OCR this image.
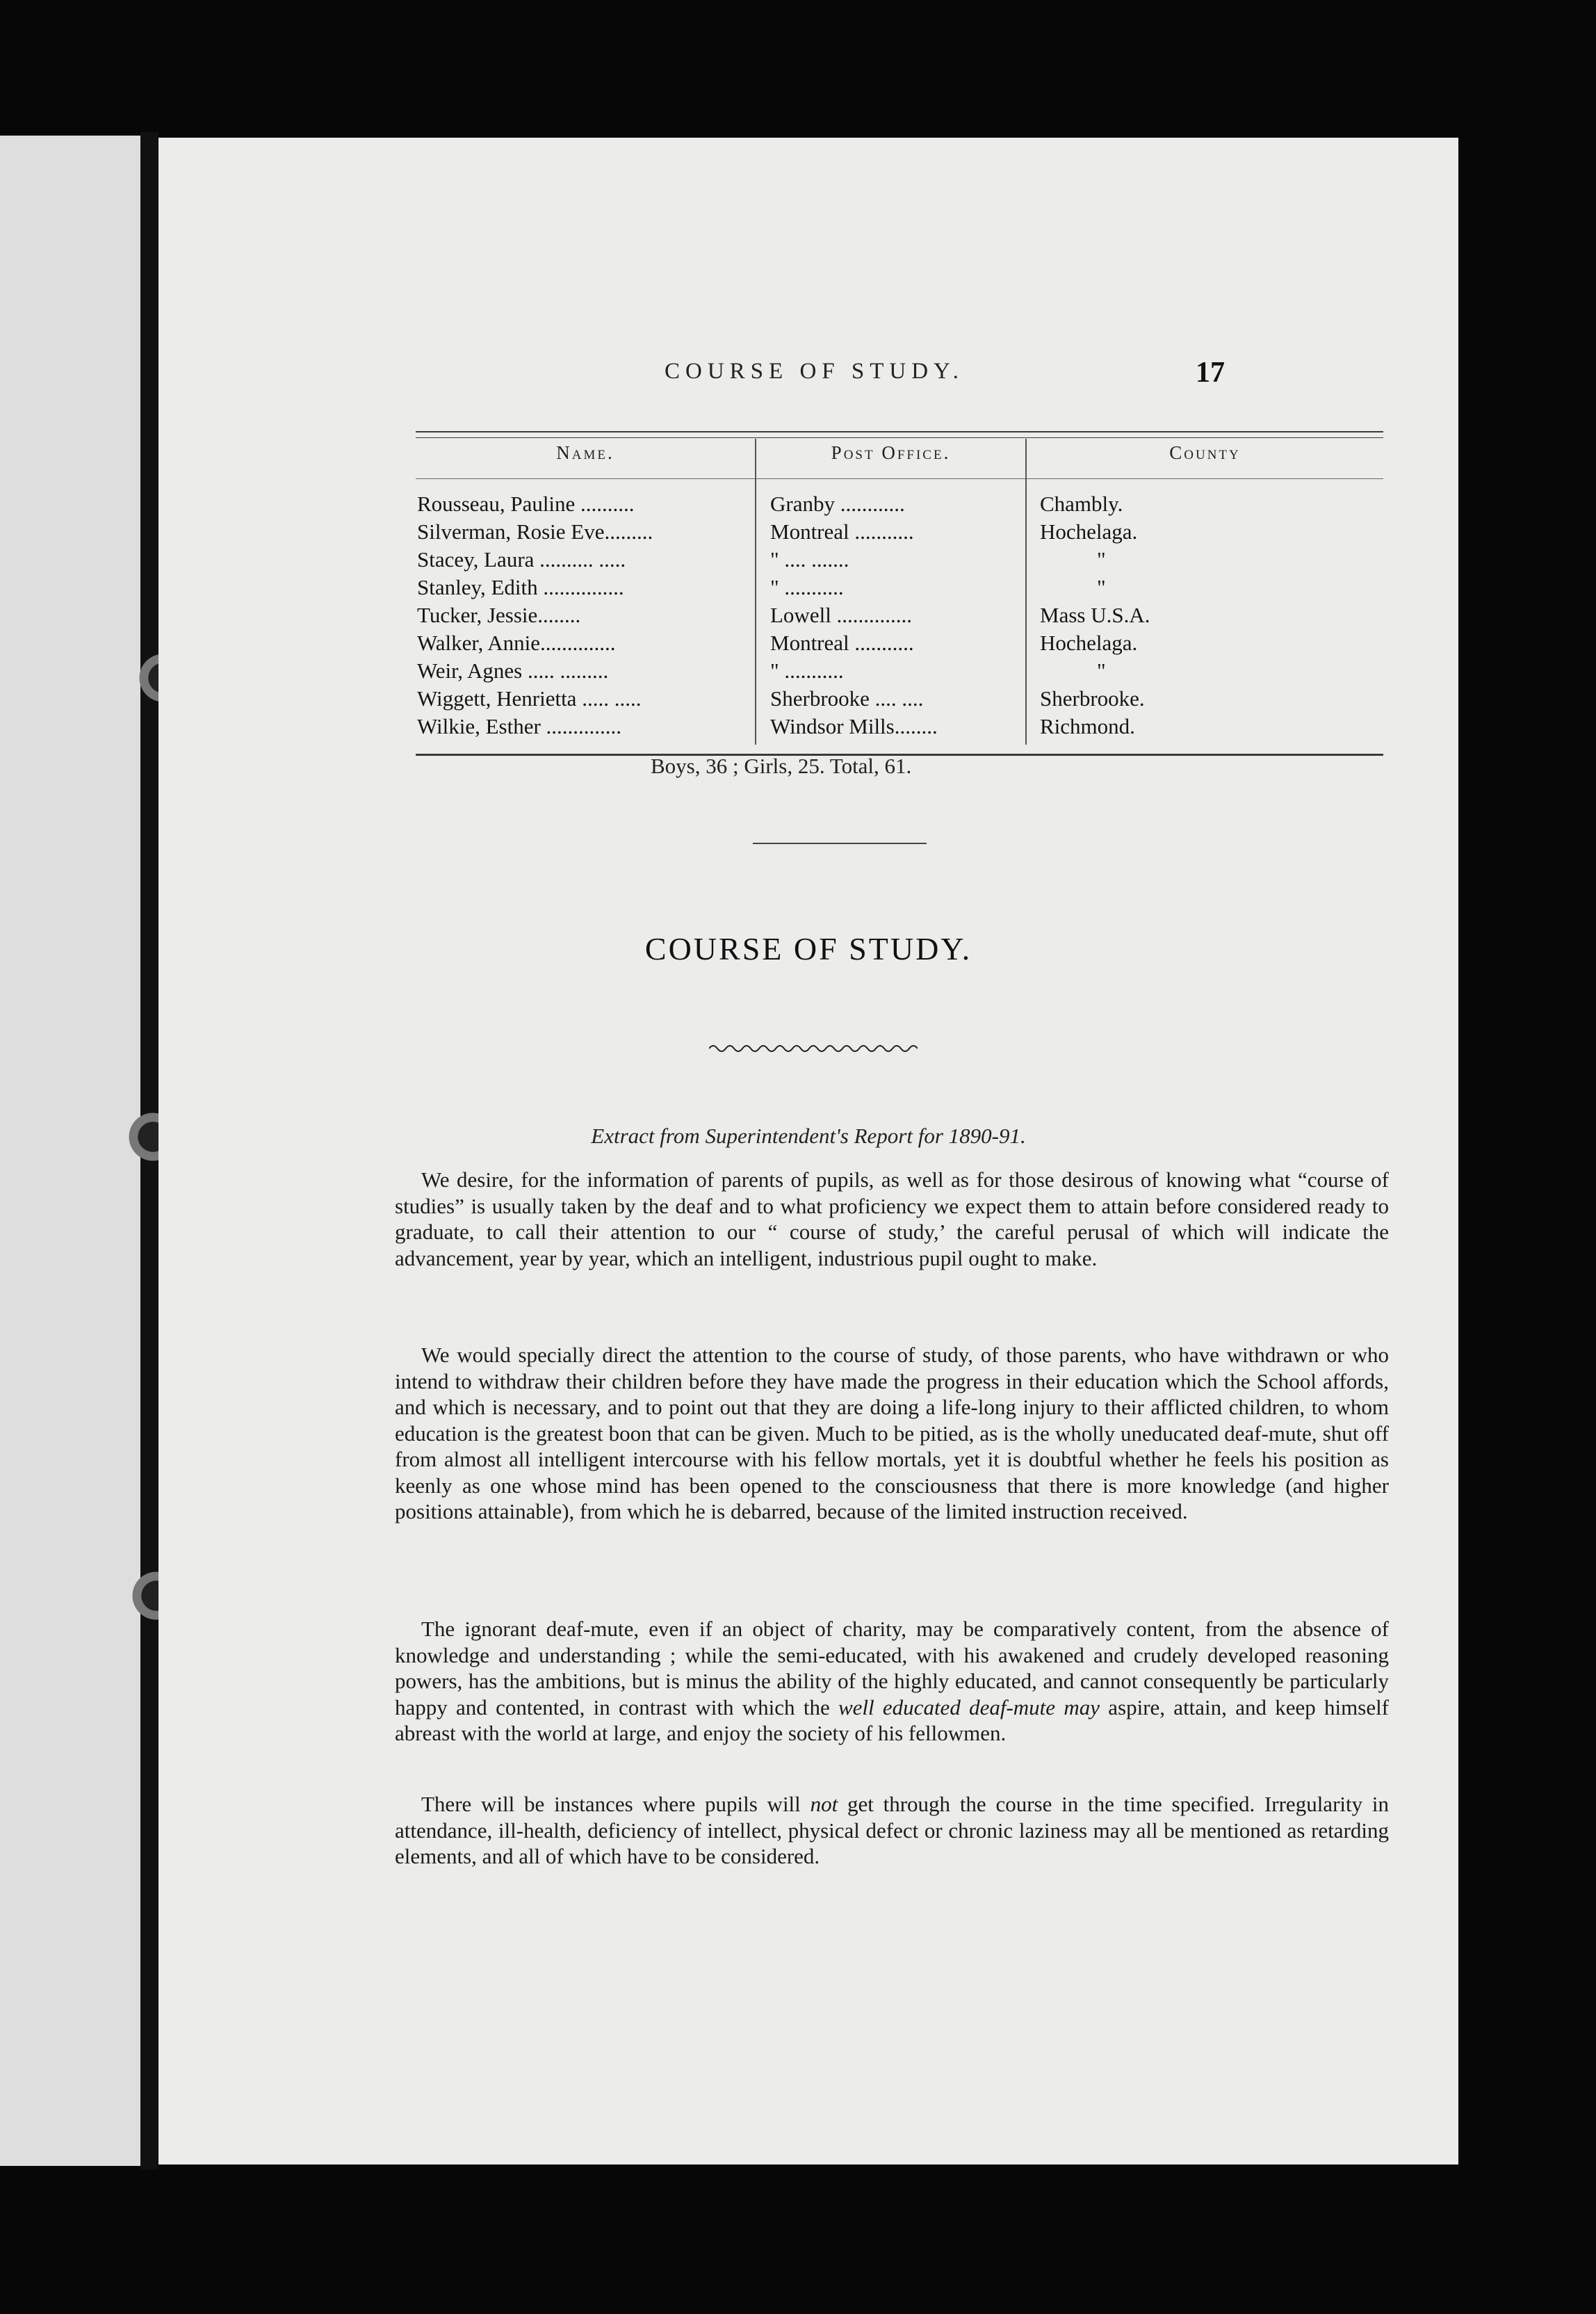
COURSE OF STUDY.	17
Name.	Post Office.	County
Rousseau, Pauline ..........	Granby ............	Chambly.
Silverman, Rosie Eve.........	Montreal ...........	Hochelaga.
Stacey, Laura .......... .....	" .... .......	"
Stanley, Edith ...............	" ...........	"
Tucker, Jessie........	Lowell ..............	Mass U.S.A.
Walker, Annie..............	Montreal ...........	Hochelaga.
Weir, Agnes ..... .........	" ...........	"
Wiggett, Henrietta ..... .....	Sherbrooke .... ....	Sherbrooke.
Wilkie, Esther ..............	Windsor Mills........	Richmond.
Boys, 36 ; Girls, 25. Total, 61.
COURSE OF STUDY.
Extract from Superintendent's Report for 1890-91.

We desire, for the information of parents of pupils, as well as for those desirous of knowing what “course of studies” is usually taken by the deaf and to what proficiency we expect them to attain before considered ready to graduate, to call their attention to our “ course of study,’ the careful perusal of which will indicate the advancement, year by year, which an intelligent, industrious pupil ought to make.

We would specially direct the attention to the course of study, of those parents, who have withdrawn or who intend to withdraw their children before they have made the progress in their education which the School affords, and which is necessary, and to point out that they are doing a life-long injury to their afflicted children, to whom education is the greatest boon that can be given. Much to be pitied, as is the wholly uneducated deaf-mute, shut off from almost all intelligent intercourse with his fellow mortals, yet it is doubtful whether he feels his position as keenly as one whose mind has been opened to the consciousness that there is more knowledge (and higher positions attainable), from which he is debarred, because of the limited instruction received.

The ignorant deaf-mute, even if an object of charity, may be comparatively content, from the absence of knowledge and understanding ; while the semi-educated, with his awakened and crudely developed reasoning powers, has the ambitions, but is minus the ability of the highly educated, and cannot consequently be particularly happy and contented, in contrast with which the well educated deaf-mute may aspire, attain, and keep himself abreast with the world at large, and enjoy the society of his fellowmen.

There will be instances where pupils will not get through the course in the time specified. Irregularity in attendance, ill-health, deficiency of intellect, physical defect or chronic laziness may all be mentioned as retarding elements, and all of which have to be considered.
